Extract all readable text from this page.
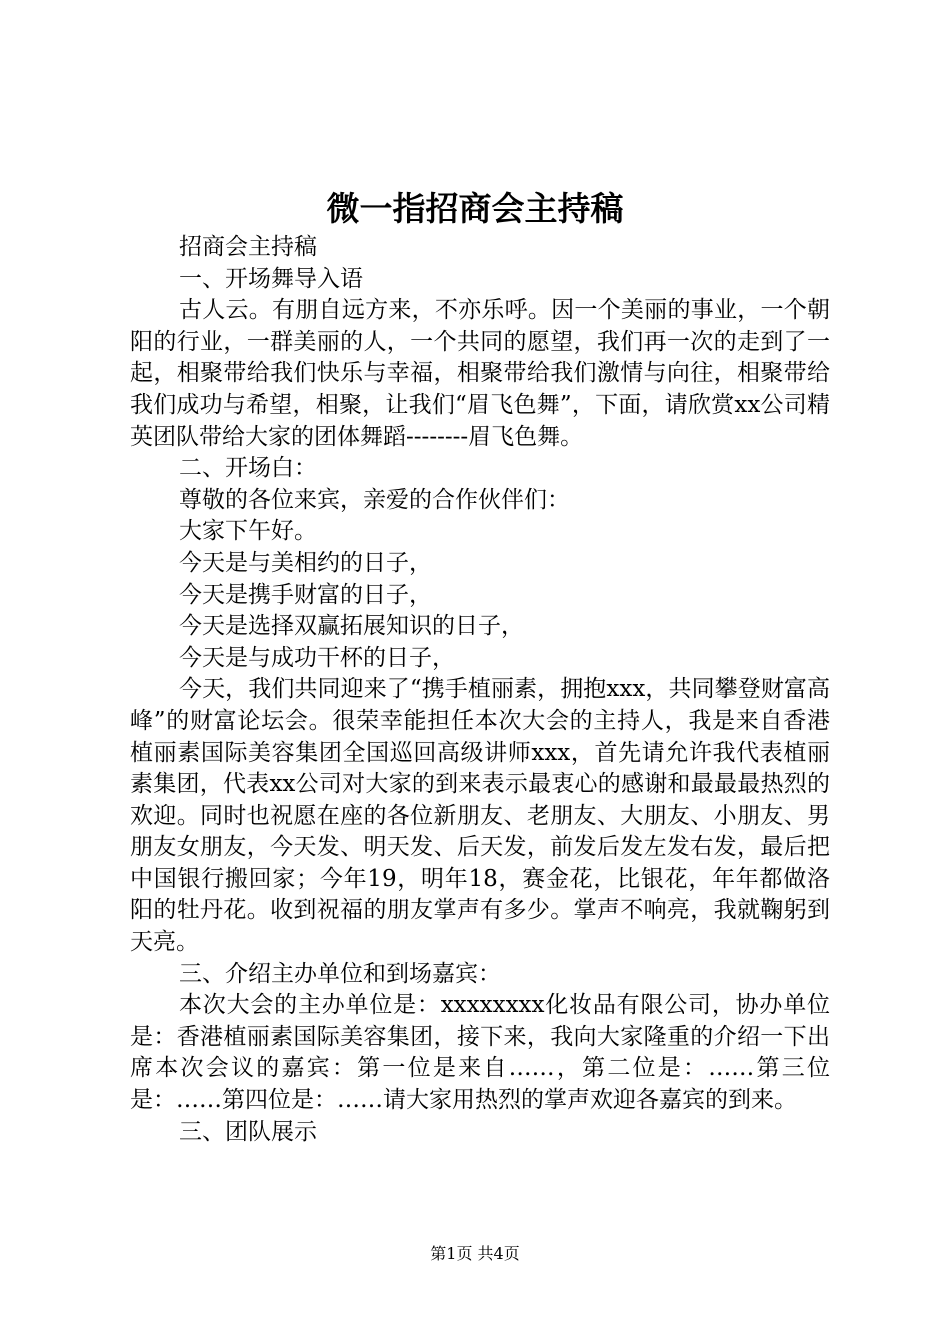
微一指招商会主持稿

招商会主持稿

一、开场舞导入语

古人云。有朋自远方来，不亦乐呼。因一个美丽的事业，一个朝阳的行业，一群美丽的人，一个共同的愿望，我们再一次的走到了一起，相聚带给我们快乐与幸福，相聚带给我们激情与向往，相聚带给我们成功与希望，相聚，让我们“眉飞色舞”，下面，请欣赏xx公司精英团队带给大家的团体舞蹈--------眉飞色舞。

二、开场白：

尊敬的各位来宾，亲爱的合作伙伴们：

大家下午好。

今天是与美相约的日子，

今天是携手财富的日子，

今天是选择双赢拓展知识的日子，

今天是与成功干杯的日子，

今天，我们共同迎来了“携手植丽素，拥抱xxx，共同攀登财富高峰”的财富论坛会。很荣幸能担任本次大会的主持人，我是来自香港植丽素国际美容集团全国巡回高级讲师xxx，首先请允许我代表植丽素集团，代表xx公司对大家的到来表示最衷心的感谢和最最最热烈的欢迎。同时也祝愿在座的各位新朋友、老朋友、大朋友、小朋友、男朋友女朋友，今天发、明天发、后天发，前发后发左发右发，最后把中国银行搬回家；今年19，明年18，赛金花，比银花，年年都做洛阳的牡丹花。收到祝福的朋友掌声有多少。掌声不响亮，我就鞠躬到天亮。

三、介绍主办单位和到场嘉宾：

本次大会的主办单位是：xxxxxxxx化妆品有限公司，协办单位是：香港植丽素国际美容集团，接下来，我向大家隆重的介绍一下出席本次会议的嘉宾：第一位是来自……，第二位是：……第三位是：……第四位是：……请大家用热烈的掌声欢迎各嘉宾的到来。

三、团队展示

第1页 共4页
